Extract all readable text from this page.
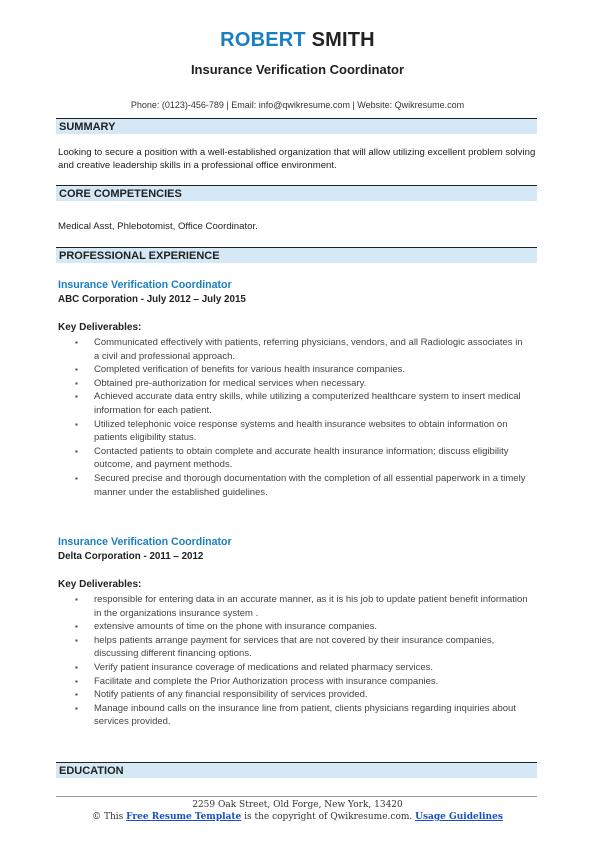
ROBERT SMITH
Insurance Verification Coordinator
Phone: (0123)-456-789 | Email: info@qwikresume.com | Website: Qwikresume.com
SUMMARY
Looking to secure a position with a well-established organization that will allow utilizing excellent problem solving and creative leadership skills in a professional office environment.
CORE COMPETENCIES
Medical Asst, Phlebotomist, Office Coordinator.
PROFESSIONAL EXPERIENCE
Insurance Verification Coordinator
ABC Corporation - July 2012 – July 2015
Key Deliverables:
▪ Communicated effectively with patients, referring physicians, vendors, and all Radiologic associates in a civil and professional approach.
▪ Completed verification of benefits for various health insurance companies.
▪ Obtained pre-authorization for medical services when necessary.
▪ Achieved accurate data entry skills, while utilizing a computerized healthcare system to insert medical information for each patient.
▪ Utilized telephonic voice response systems and health insurance websites to obtain information on patients eligibility status.
▪ Contacted patients to obtain complete and accurate health insurance information; discuss eligibility outcome, and payment methods.
▪ Secured precise and thorough documentation with the completion of all essential paperwork in a timely manner under the established guidelines.
Insurance Verification Coordinator
Delta Corporation - 2011 – 2012
Key Deliverables:
▪ responsible for entering data in an accurate manner, as it is his job to update patient benefit information in the organizations insurance system .
▪ extensive amounts of time on the phone with insurance companies.
▪ helps patients arrange payment for services that are not covered by their insurance companies, discussing different financing options.
▪ Verify patient insurance coverage of medications and related pharmacy services.
▪ Facilitate and complete the Prior Authorization process with insurance companies.
▪ Notify patients of any financial responsibility of services provided.
▪ Manage inbound calls on the insurance line from patient, clients physicians regarding inquiries about services provided.
EDUCATION
2259 Oak Street, Old Forge, New York, 13420
© This Free Resume Template is the copyright of Qwikresume.com. Usage Guidelines
